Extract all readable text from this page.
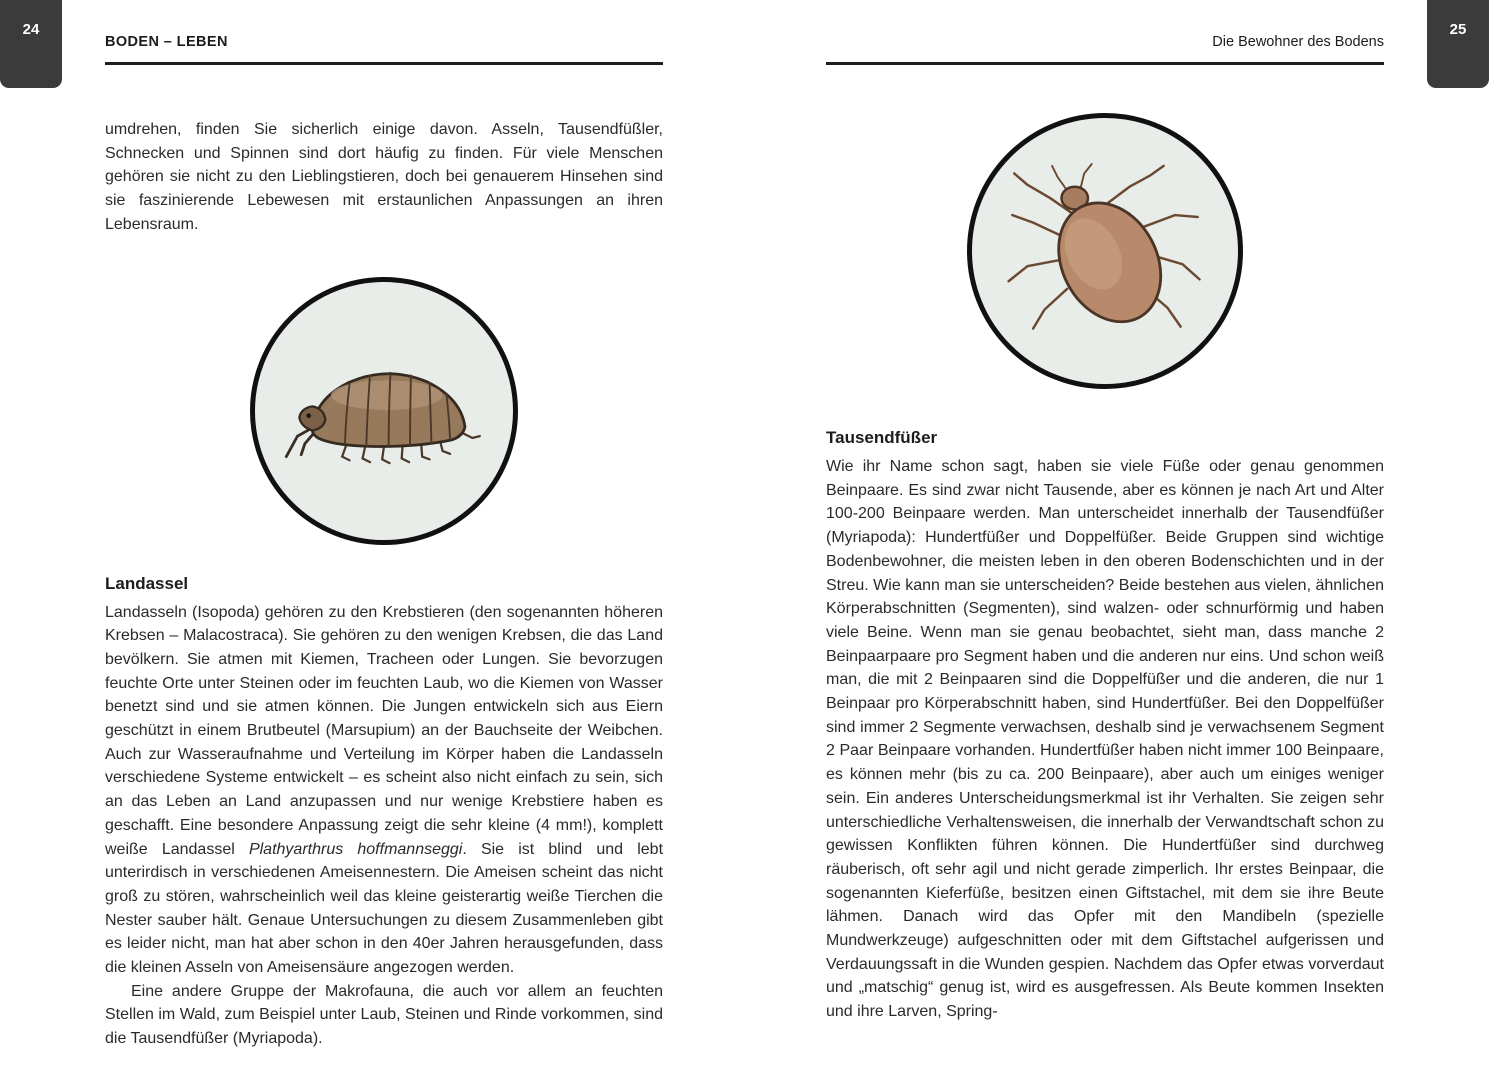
24	25
BODEN – LEBEN

umdrehen, finden Sie sicherlich einige davon. Asseln, Tausendfüßler, Schnecken und Spinnen sind dort häufig zu finden. Für viele Menschen gehören sie nicht zu den Lieblingstieren, doch bei genauerem Hinsehen sind sie faszinierende Lebewesen mit erstaunlichen Anpassungen an ihren Lebensraum.

Landassel

Landasseln (Isopoda) gehören zu den Krebstieren (den sogenannten höheren Krebsen – Malacostraca). Sie gehören zu den wenigen Krebsen, die das Land bevölkern. Sie atmen mit Kiemen, Tracheen oder Lungen. Sie bevorzugen feuchte Orte unter Steinen oder im feuchten Laub, wo die Kiemen von Wasser benetzt sind und sie atmen können. Die Jungen entwickeln sich aus Eiern geschützt in einem Brutbeutel (Marsupium) an der Bauchseite der Weibchen. Auch zur Wasseraufnahme und Verteilung im Körper haben die Landasseln verschiedene Systeme entwickelt – es scheint also nicht einfach zu sein, sich an das Leben an Land anzupassen und nur wenige Krebstiere haben es geschafft. Eine besondere Anpassung zeigt die sehr kleine (4 mm!), komplett weiße Landassel Plathyarthrus hoffmannseggi. Sie ist blind und lebt unterirdisch in verschiedenen Ameisennestern. Die Ameisen scheint das nicht groß zu stören, wahrscheinlich weil das kleine geisterartig weiße Tierchen die Nester sauber hält. Genaue Untersuchungen zu diesem Zusammenleben gibt es leider nicht, man hat aber schon in den 40er Jahren herausgefunden, dass die kleinen Asseln von Ameisensäure angezogen werden.

Eine andere Gruppe der Makrofauna, die auch vor allem an feuchten Stellen im Wald, zum Beispiel unter Laub, Steinen und Rinde vorkommen, sind die Tausendfüßer (Myriapoda).

Die Bewohner des Bodens
Tausendfüßer

Wie ihr Name schon sagt, haben sie viele Füße oder genau genommen Beinpaare. Es sind zwar nicht Tausende, aber es können je nach Art und Alter 100-200 Beinpaare werden. Man unterscheidet innerhalb der Tausendfüßer (Myriapoda): Hundertfüßer und Doppelfüßer. Beide Gruppen sind wichtige Bodenbewohner, die meisten leben in den oberen Bodenschichten und in der Streu. Wie kann man sie unterscheiden? Beide bestehen aus vielen, ähnlichen Körperabschnitten (Segmenten), sind walzen- oder schnurförmig und haben viele Beine. Wenn man sie genau beobachtet, sieht man, dass manche 2 Beinpaarpaare pro Segment haben und die anderen nur eins. Und schon weiß man, die mit 2 Beinpaaren sind die Doppelfüßer und die anderen, die nur 1 Beinpaar pro Körperabschnitt haben, sind Hundertfüßer. Bei den Doppelfüßer sind immer 2 Segmente verwachsen, deshalb sind je verwachsenem Segment 2 Paar Beinpaare vorhanden. Hundertfüßer haben nicht immer 100 Beinpaare, es können mehr (bis zu ca. 200 Beinpaare), aber auch um einiges weniger sein. Ein anderes Unterscheidungsmerkmal ist ihr Verhalten. Sie zeigen sehr unterschiedliche Verhaltensweisen, die innerhalb der Verwandtschaft schon zu gewissen Konflikten führen können. Die Hundertfüßer sind durchweg räuberisch, oft sehr agil und nicht gerade zimperlich. Ihr erstes Beinpaar, die sogenannten Kieferfüße, besitzen einen Giftstachel, mit dem sie ihre Beute lähmen. Danach wird das Opfer mit den Mandibeln (spezielle Mundwerkzeuge) aufgeschnitten oder mit dem Giftstachel aufgerissen und Verdauungssaft in die Wunden gespien. Nachdem das Opfer etwas vorverdaut und „matschig“ genug ist, wird es ausgefressen. Als Beute kommen Insekten und ihre Larven, Spring-
